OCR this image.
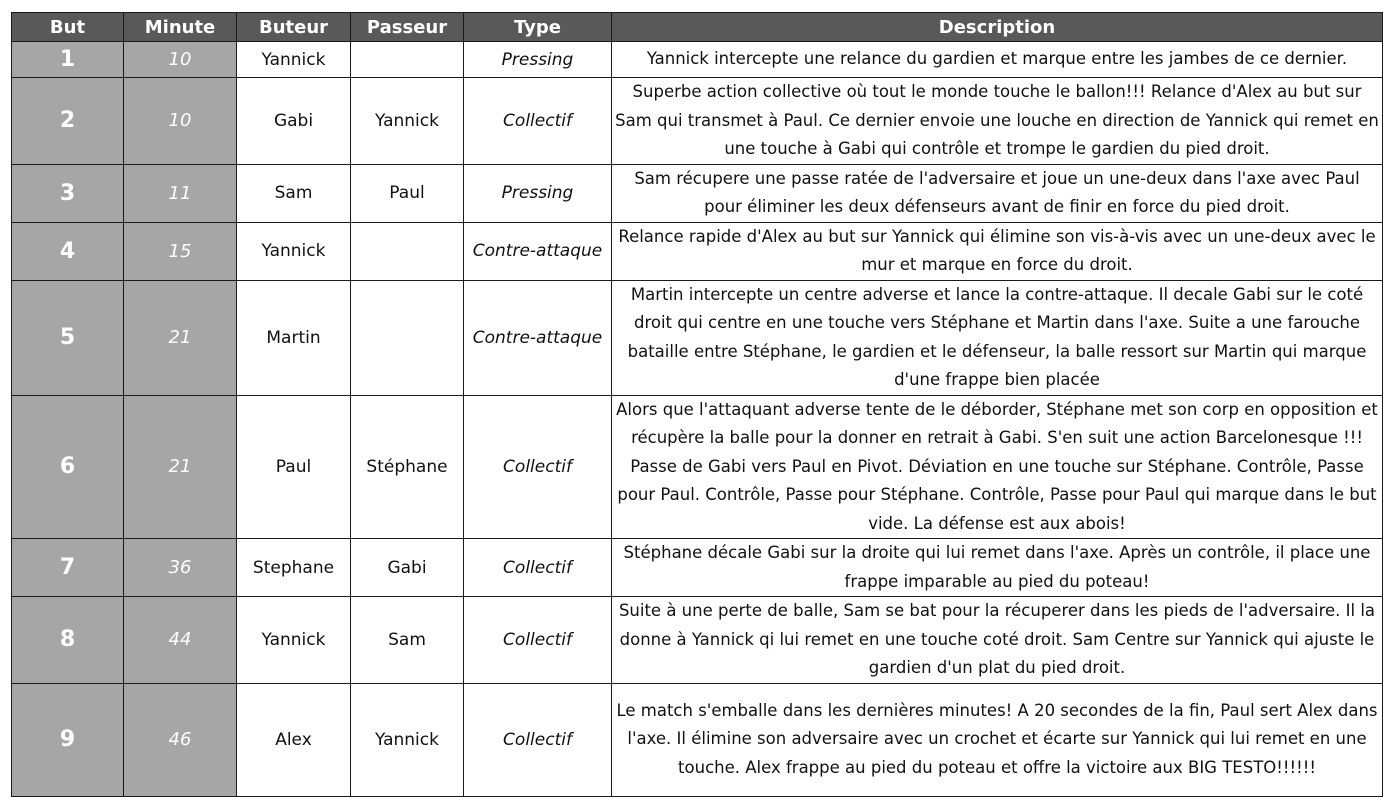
But	Minute	Buteur	Passeur	Type	Description
1	10	Yannick		Pressing	Yannick intercepte une relance du gardien et marque entre les jambes de ce dernier.
2	10	Gabi	Yannick	Collectif	Superbe action collective où tout le monde touche le ballon!!! Relance d'Alex au but sur Sam qui transmet à Paul. Ce dernier envoie une louche en direction de Yannick qui remet en une touche à Gabi qui contrôle et trompe le gardien du pied droit.
3	11	Sam	Paul	Pressing	Sam récupere une passe ratée de l'adversaire et joue un une-deux dans l'axe avec Paul pour éliminer les deux défenseurs avant de finir en force du pied droit.
4	15	Yannick		Contre-attaque	Relance rapide d'Alex au but sur Yannick qui élimine son vis-à-vis avec un une-deux avec le mur et marque en force du droit.
5	21	Martin		Contre-attaque	Martin intercepte un centre adverse et lance la contre-attaque. Il decale Gabi sur le coté droit qui centre en une touche vers Stéphane et Martin dans l'axe. Suite a une farouche bataille entre Stéphane, le gardien et le défenseur, la balle ressort sur Martin qui marque d'une frappe bien placée
6	21	Paul	Stéphane	Collectif	Alors que l'attaquant adverse tente de le déborder, Stéphane met son corp en opposition et récupère la balle pour la donner en retrait à Gabi. S'en suit une action Barcelonesque !!! Passe de Gabi vers Paul en Pivot. Déviation en une touche sur Stéphane. Contrôle, Passe pour Paul. Contrôle, Passe pour Stéphane. Contrôle, Passe pour Paul qui marque dans le but vide. La défense est aux abois!
7	36	Stephane	Gabi	Collectif	Stéphane décale Gabi sur la droite qui lui remet dans l'axe. Après un contrôle, il place une frappe imparable au pied du poteau!
8	44	Yannick	Sam	Collectif	Suite à une perte de balle, Sam se bat pour la récuperer dans les pieds de l'adversaire. Il la donne à Yannick qi lui remet en une touche coté droit. Sam Centre sur Yannick qui ajuste le gardien d'un plat du pied droit.
9	46	Alex	Yannick	Collectif	Le match s'emballe dans les dernières minutes! A 20 secondes de la fin, Paul sert Alex dans l'axe. Il élimine son adversaire avec un crochet et écarte sur Yannick qui lui remet en une touche. Alex frappe au pied du poteau et offre la victoire aux BIG TESTO!!!!!!
